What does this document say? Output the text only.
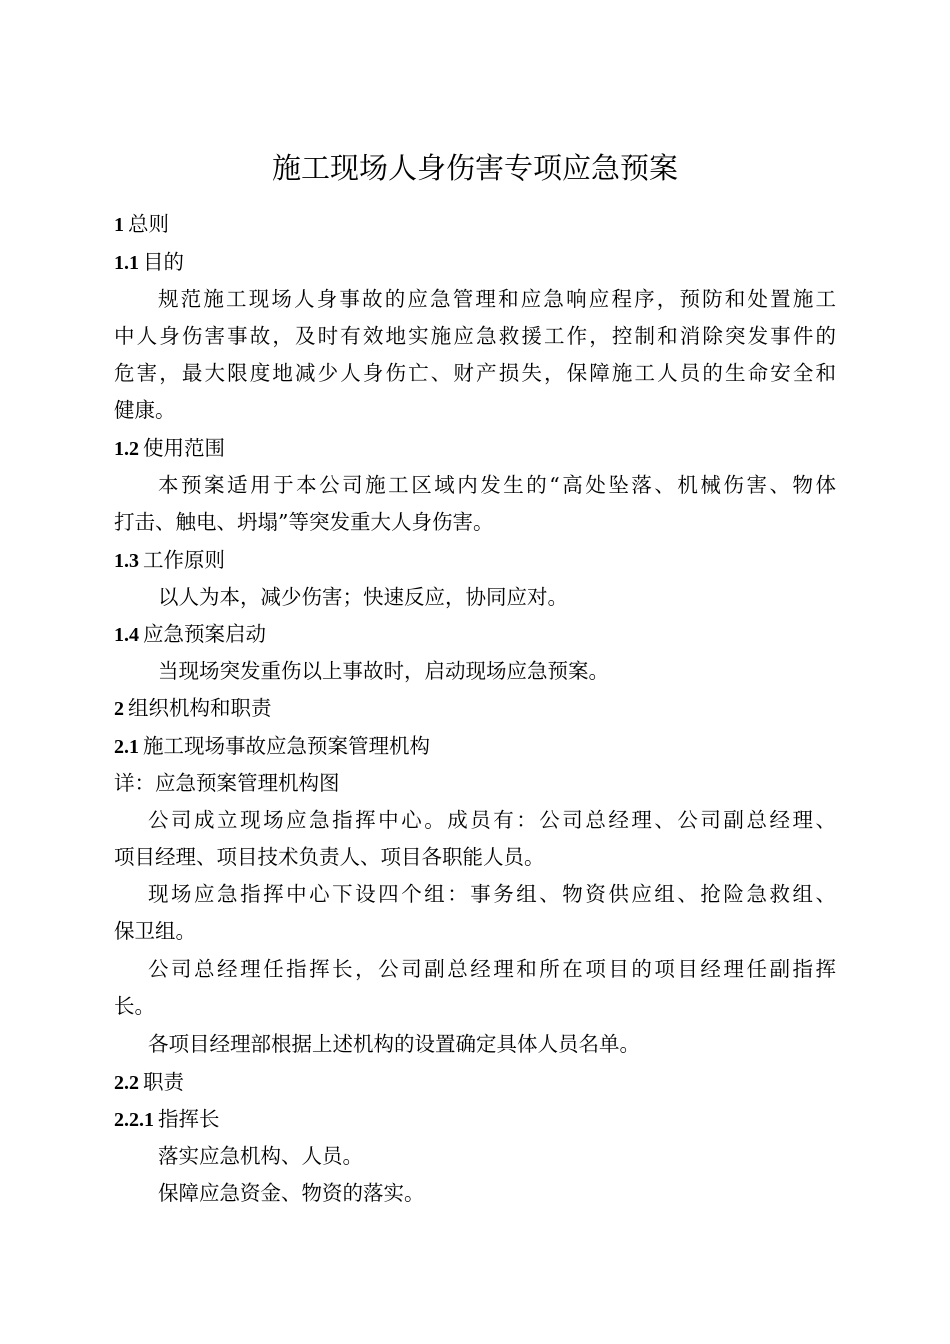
施工现场人身伤害专项应急预案
1 总则
1.1 目的
规范施工现场人身事故的应急管理和应急响应程序，预防和处置施工
中人身伤害事故，及时有效地实施应急救援工作，控制和消除突发事件的
危害，最大限度地减少人身伤亡、财产损失，保障施工人员的生命安全和
健康。
1.2 使用范围
本预案适用于本公司施工区域内发生的“高处坠落、机械伤害、物体
打击、触电、坍塌”等突发重大人身伤害。
1.3 工作原则
以人为本，减少伤害；快速反应，协同应对。
1.4 应急预案启动
当现场突发重伤以上事故时，启动现场应急预案。
2 组织机构和职责
2.1 施工现场事故应急预案管理机构
详：应急预案管理机构图
公司成立现场应急指挥中心。成员有：公司总经理、公司副总经理、
项目经理、项目技术负责人、项目各职能人员。
现场应急指挥中心下设四个组：事务组、物资供应组、抢险急救组、
保卫组。
公司总经理任指挥长，公司副总经理和所在项目的项目经理任副指挥
长。
各项目经理部根据上述机构的设置确定具体人员名单。
2.2 职责
2.2.1 指挥长
落实应急机构、人员。
保障应急资金、物资的落实。
